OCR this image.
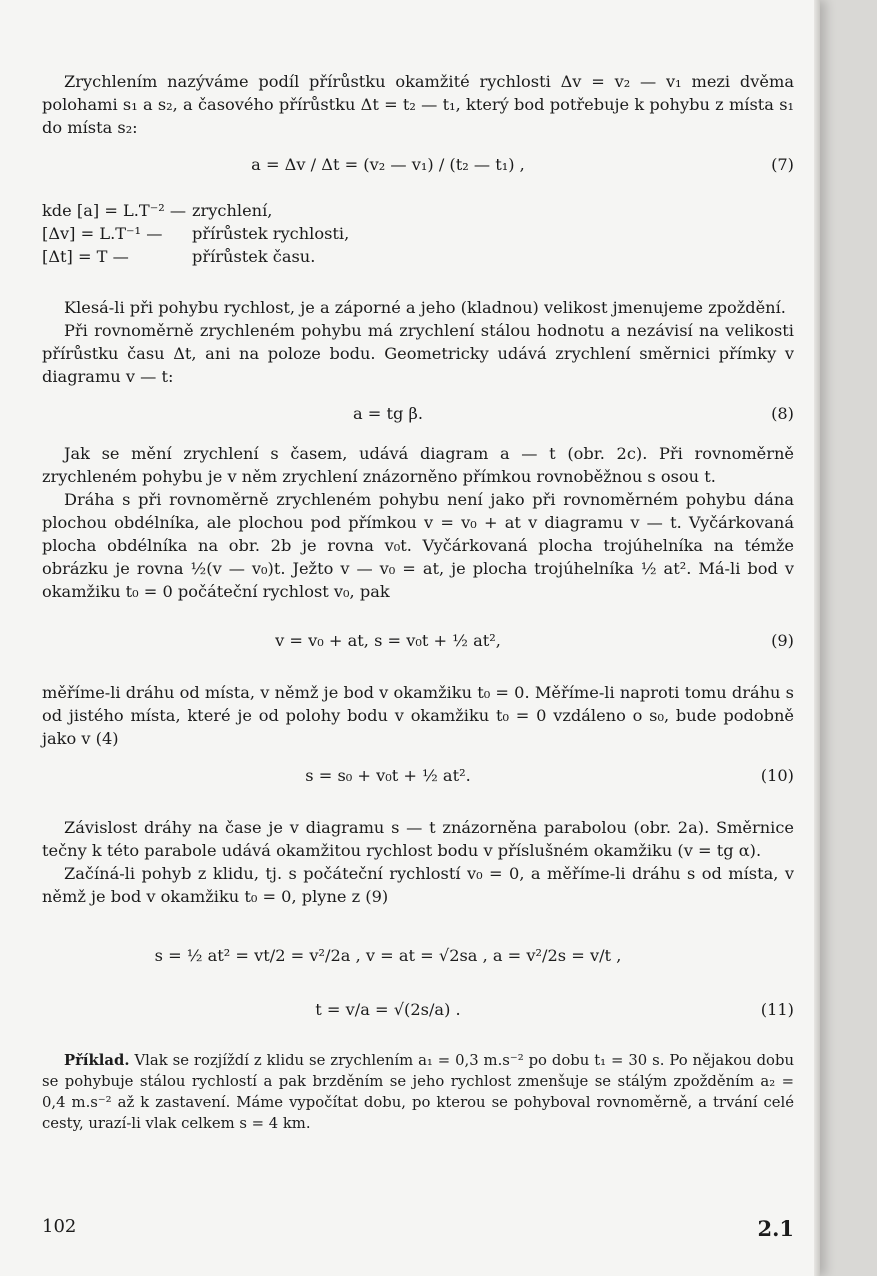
Zrychlením nazýváme podíl přírůstku okamžité rychlosti Δv = v₂ — v₁ mezi dvěma polohami s₁ a s₂, a časového přírůstku Δt = t₂ — t₁, který bod potřebuje k pohybu z místa s₁ do místa s₂:

a = Δv / Δt = (v₂ — v₁) / (t₂ — t₁) ,	(7)
kde [a] = L.T⁻² — zrychlení,
[Δv] = L.T⁻¹ — přírůstek rychlosti,
[Δt] = T —	přírůstek času.

Klesá-li při pohybu rychlost, je a záporné a jeho (kladnou) velikost jmenujeme zpoždění.

Při rovnoměrně zrychleném pohybu má zrychlení stálou hodnotu a nezávisí na velikosti přírůstku času Δt, ani na poloze bodu. Geometricky udává zrychlení směrnici přímky v diagramu v — t:

a = tg β.	(8)

Jak se mění zrychlení s časem, udává diagram a — t (obr. 2c). Při rovnoměrně zrychleném pohybu je v něm zrychlení znázorněno přímkou rovnoběžnou s osou t.

Dráha s při rovnoměrně zrychleném pohybu není jako při rovnoměrném pohybu dána plochou obdélníka, ale plochou pod přímkou v = v₀ + at v diagramu v — t. Vyčárkovaná plocha obdélníka na obr. 2b je rovna v₀t. Vyčárkovaná plocha trojúhelníka na témže obrázku je rovna ½(v — v₀)t. Ježto v — v₀ = at, je plocha trojúhelníka ½ at². Má-li bod v okamžiku t₀ = 0 počáteční rychlost v₀, pak

v = v₀ + at, s = v₀t + ½ at²,	(9)

měříme-li dráhu od místa, v němž je bod v okamžiku t₀ = 0. Měříme-li naproti tomu dráhu s od jistého místa, které je od polohy bodu v okamžiku t₀ = 0 vzdáleno o s₀, bude podobně jako v (4)

s = s₀ + v₀t + ½ at².	(10)

Závislost dráhy na čase je v diagramu s — t znázorněna parabolou (obr. 2a). Směrnice tečny k této parabole udává okamžitou rychlost bodu v příslušném okamžiku (v = tg α).

Začíná-li pohyb z klidu, tj. s počáteční rychlostí v₀ = 0, a měříme-li dráhu s od místa, v němž je bod v okamžiku t₀ = 0, plyne z (9)

s = ½ at² = vt/2 = v²/2a , v = at = √2sa , a = v²/2s = v/t ,
t = v/a = √(2s/a) .	(11)

Příklad. Vlak se rozjíždí z klidu se zrychlením a₁ = 0,3 m.s⁻² po dobu t₁ = 30 s. Po nějakou dobu se pohybuje stálou rychlostí a pak brzděním se jeho rychlost zmenšuje se stálým zpožděním a₂ = 0,4 m.s⁻² až k zastavení. Máme vypočítat dobu, po kterou se pohyboval rovnoměrně, a trvání celé cesty, urazí-li vlak celkem s = 4 km.

102	2.1
